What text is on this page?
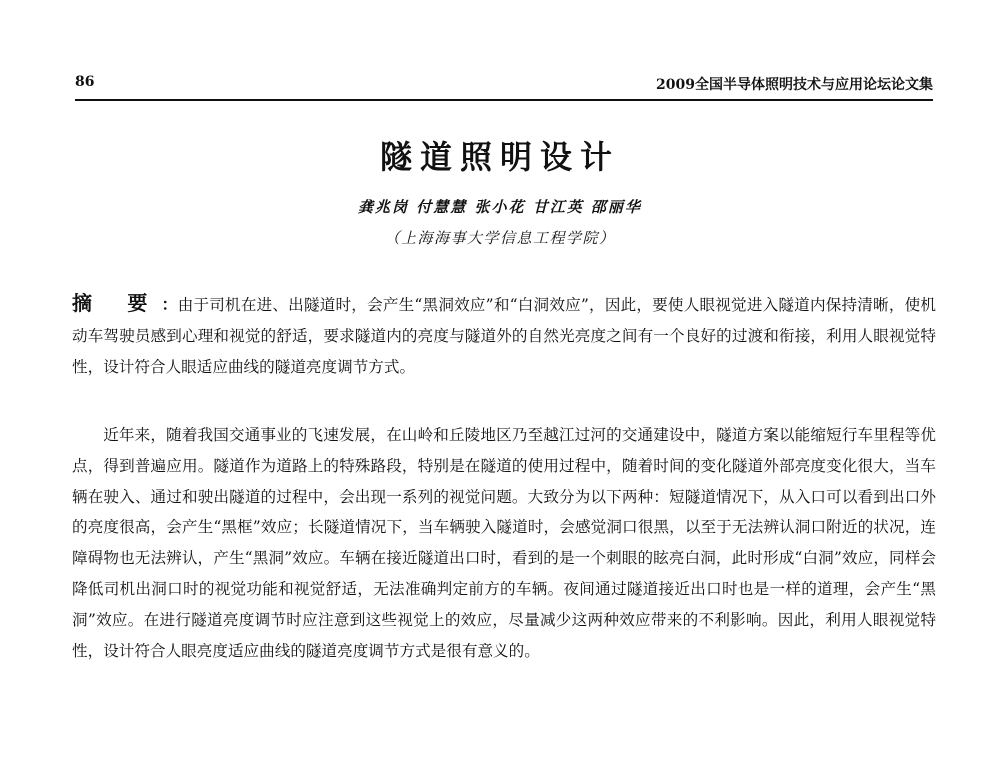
86	2009全国半导体照明技术与应用论坛论文集
隧道照明设计
龚兆岗 付慧慧 张小花 甘江英 邵丽华
（上海海事大学信息工程学院）
摘 要：由于司机在进、出隧道时，会产生“黑洞效应”和“白洞效应”，因此，要使人眼视觉进入隧道内保持清晰，使机动车驾驶员感到心理和视觉的舒适，要求隧道内的亮度与隧道外的自然光亮度之间有一个良好的过渡和衔接，利用人眼视觉特性，设计符合人眼适应曲线的隧道亮度调节方式。

近年来，随着我国交通事业的飞速发展，在山岭和丘陵地区乃至越江过河的交通建设中，隧道方案以能缩短行车里程等优点，得到普遍应用。隧道作为道路上的特殊路段，特别是在隧道的使用过程中，随着时间的变化隧道外部亮度变化很大，当车辆在驶入、通过和驶出隧道的过程中，会出现一系列的视觉问题。大致分为以下两种：短隧道情况下，从入口可以看到出口外的亮度很高，会产生“黑框”效应；长隧道情况下，当车辆驶入隧道时，会感觉洞口很黑，以至于无法辨认洞口附近的状况，连障碍物也无法辨认，产生“黑洞”效应。车辆在接近隧道出口时，看到的是一个刺眼的眩亮白洞，此时形成“白洞”效应，同样会降低司机出洞口时的视觉功能和视觉舒适，无法准确判定前方的车辆。夜间通过隧道接近出口时也是一样的道理，会产生“黑洞”效应。在进行隧道亮度调节时应注意到这些视觉上的效应，尽量减少这两种效应带来的不利影响。因此，利用人眼视觉特性，设计符合人眼亮度适应曲线的隧道亮度调节方式是很有意义的。
